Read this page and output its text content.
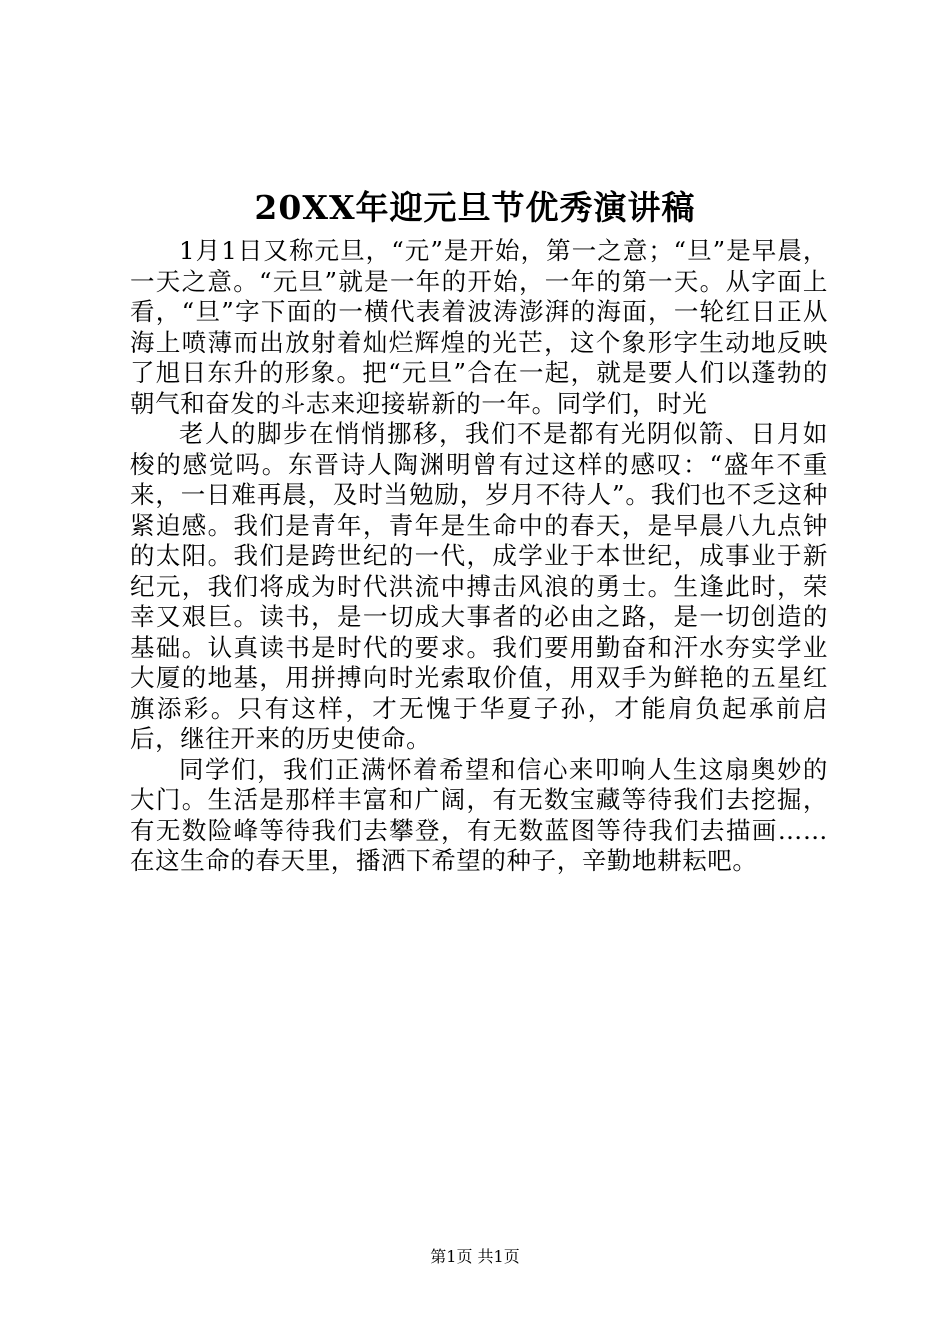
20XX年迎元旦节优秀演讲稿

1月1日又称元旦，“元”是开始，第一之意；“旦”是早晨，一天之意。“元旦”就是一年的开始，一年的第一天。从字面上看，“旦”字下面的一横代表着波涛澎湃的海面，一轮红日正从海上喷薄而出放射着灿烂辉煌的光芒，这个象形字生动地反映了旭日东升的形象。把“元旦”合在一起，就是要人们以蓬勃的朝气和奋发的斗志来迎接崭新的一年。同学们，时光

老人的脚步在悄悄挪移，我们不是都有光阴似箭、日月如梭的感觉吗。东晋诗人陶渊明曾有过这样的感叹：“盛年不重来，一日难再晨，及时当勉励，岁月不待人”。我们也不乏这种紧迫感。我们是青年，青年是生命中的春天，是早晨八九点钟的太阳。我们是跨世纪的一代，成学业于本世纪，成事业于新纪元，我们将成为时代洪流中搏击风浪的勇士。生逢此时，荣幸又艰巨。读书，是一切成大事者的必由之路，是一切创造的基础。认真读书是时代的要求。我们要用勤奋和汗水夯实学业大厦的地基，用拼搏向时光索取价值，用双手为鲜艳的五星红旗添彩。只有这样，才无愧于华夏子孙，才能肩负起承前启后，继往开来的历史使命。

同学们，我们正满怀着希望和信心来叩响人生这扇奥妙的大门。生活是那样丰富和广阔，有无数宝藏等待我们去挖掘，有无数险峰等待我们去攀登，有无数蓝图等待我们去描画……在这生命的春天里，播洒下希望的种子，辛勤地耕耘吧。

第1页 共1页
